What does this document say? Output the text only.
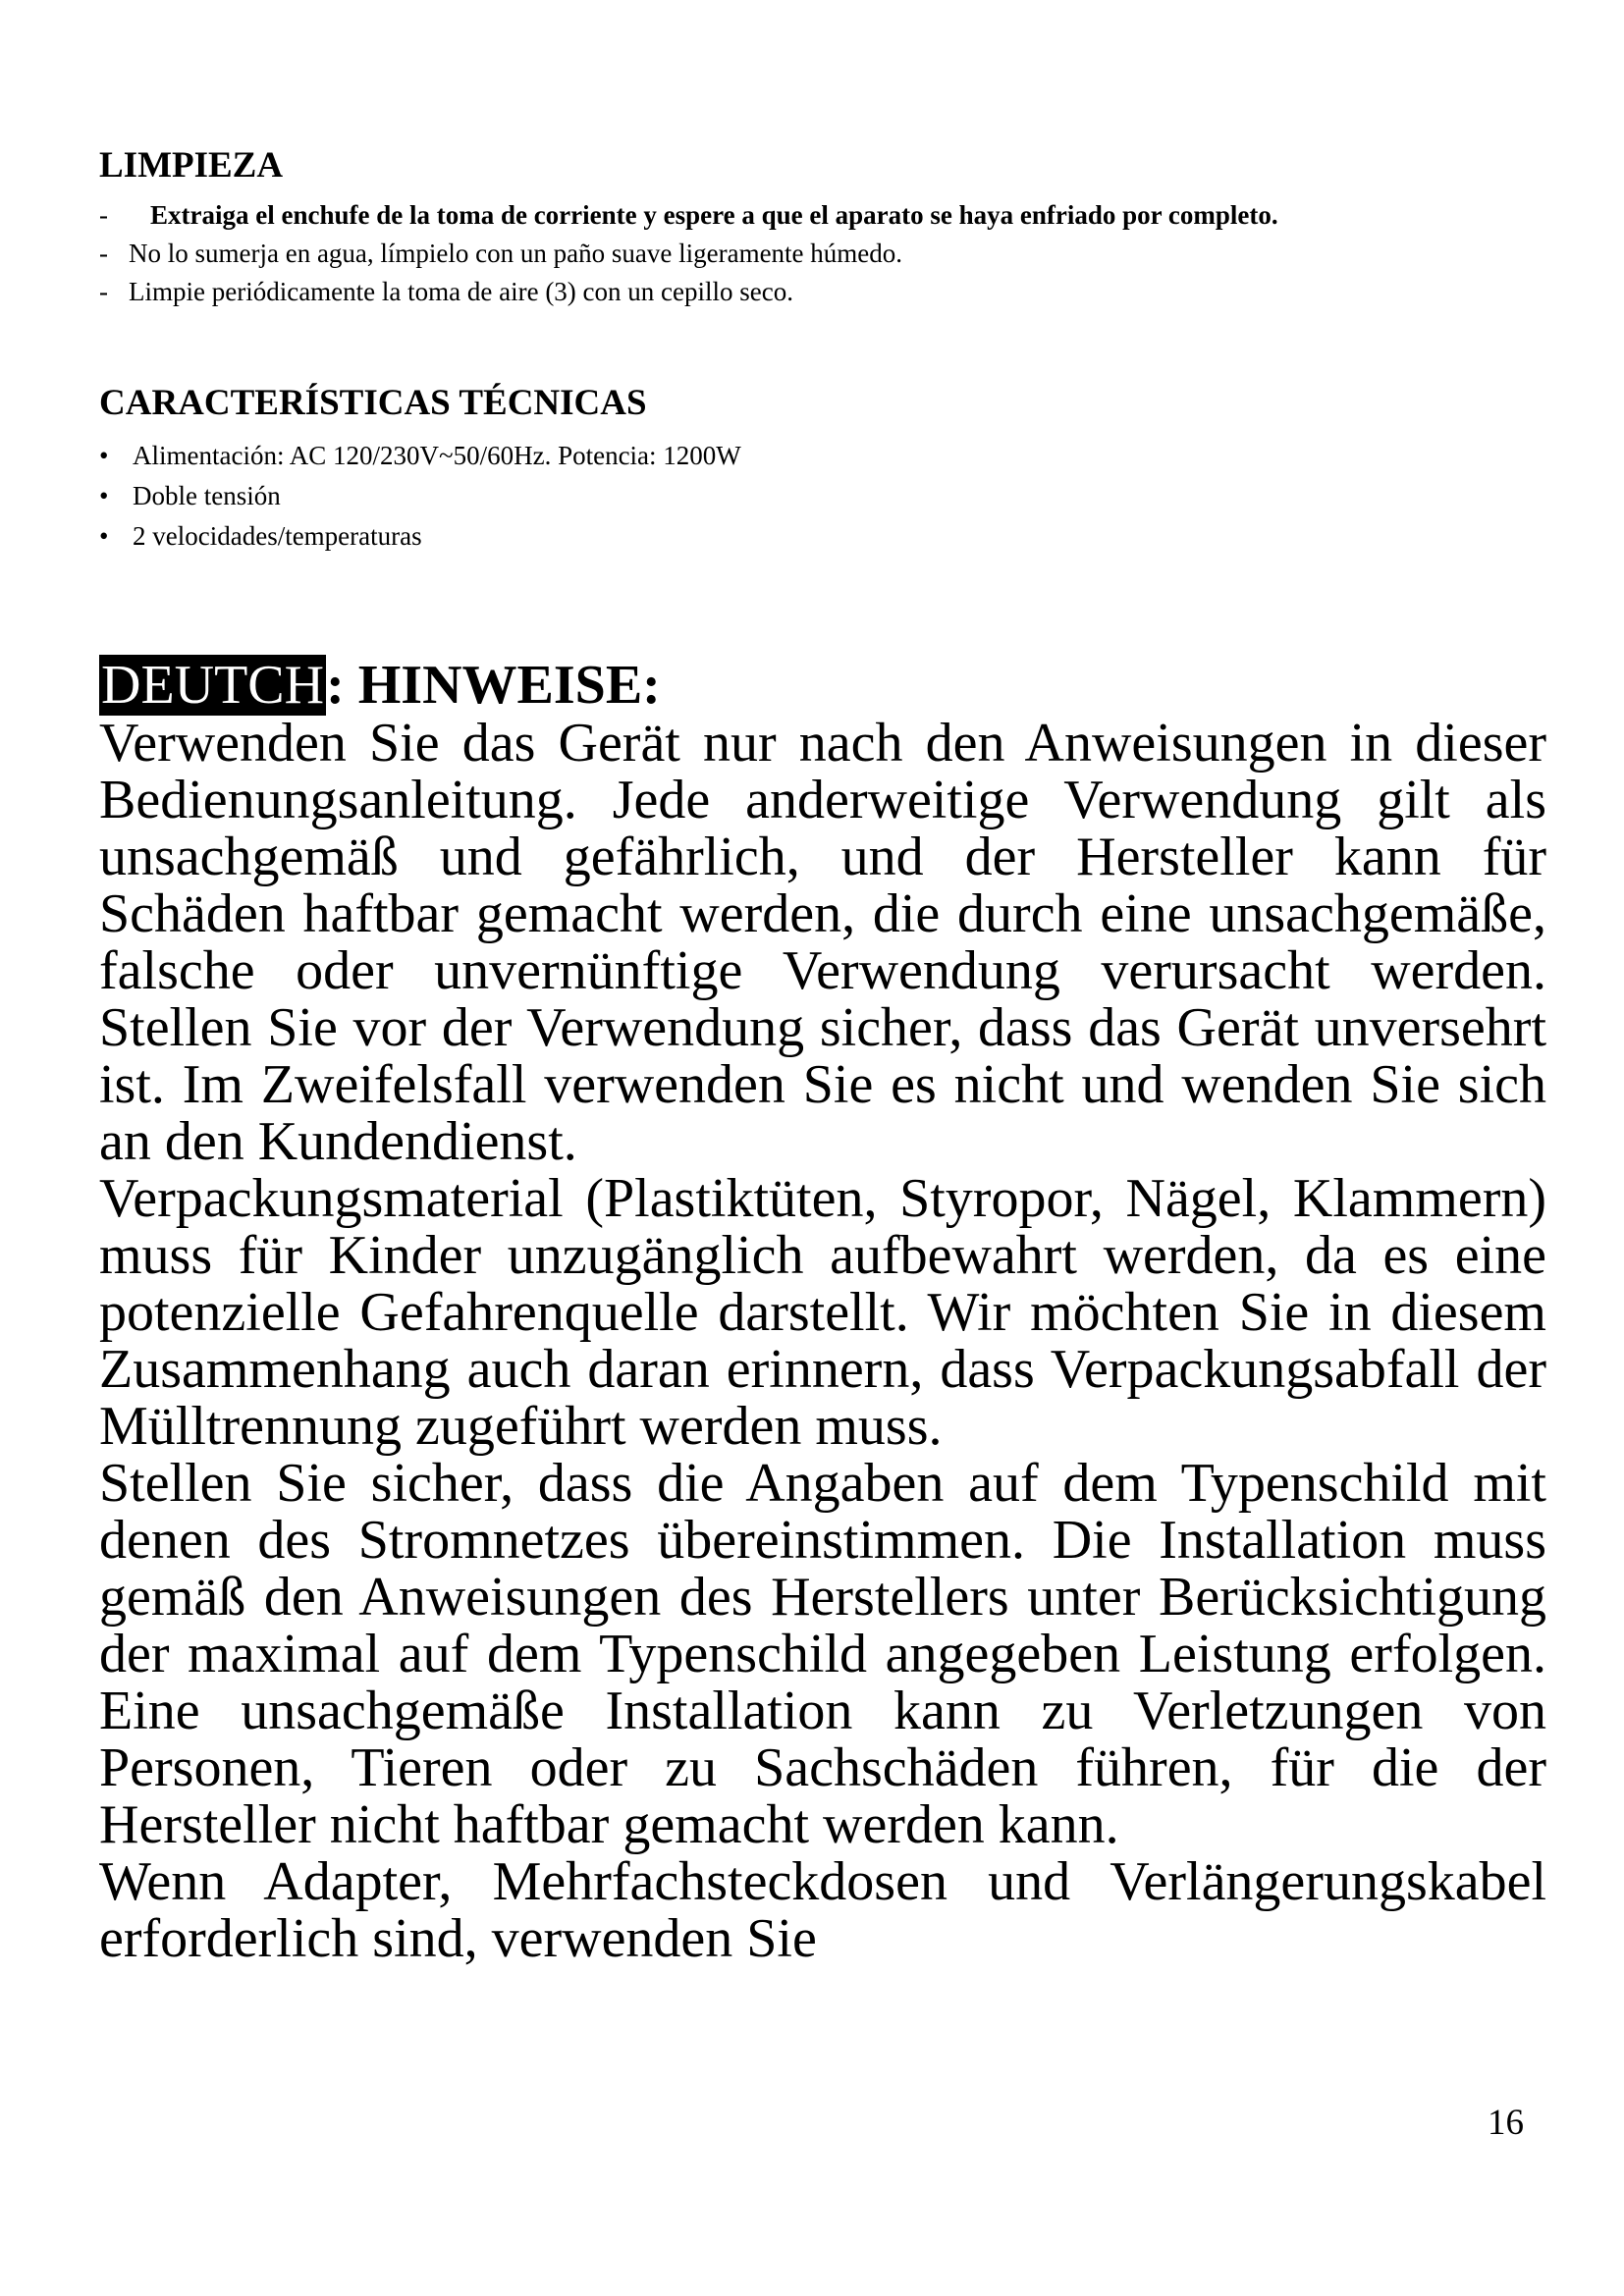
LIMPIEZA
- Extraiga el enchufe de la toma de corriente y espere a que el aparato se haya enfriado por completo.
- No lo sumerja en agua, límpielo con un paño suave ligeramente húmedo.
- Limpie periódicamente la toma de aire (3) con un cepillo seco.
CARACTERÍSTICAS TÉCNICAS
• Alimentación: AC 120/230V~50/60Hz. Potencia: 1200W
• Doble tensión
• 2 velocidades/temperaturas
DEUTCH: HINWEISE:

Verwenden Sie das Gerät nur nach den Anweisungen in dieser Bedienungsanleitung. Jede anderweitige Verwendung gilt als unsachgemäß und gefährlich, und der Hersteller kann für Schäden haftbar gemacht werden, die durch eine unsachgemäße, falsche oder unvernünftige Verwendung verursacht werden. Stellen Sie vor der Verwendung sicher, dass das Gerät unversehrt ist. Im Zweifelsfall verwenden Sie es nicht und wenden Sie sich an den Kundendienst.

Verpackungsmaterial (Plastiktüten, Styropor, Nägel, Klammern) muss für Kinder unzugänglich aufbewahrt werden, da es eine potenzielle Gefahrenquelle darstellt. Wir möchten Sie in diesem Zusammenhang auch daran erinnern, dass Verpackungsabfall der Mülltrennung zugeführt werden muss.

Stellen Sie sicher, dass die Angaben auf dem Typenschild mit denen des Stromnetzes übereinstimmen. Die Installation muss gemäß den Anweisungen des Herstellers unter Berücksichtigung der maximal auf dem Typenschild angegeben Leistung erfolgen. Eine unsachgemäße Installation kann zu Verletzungen von Personen, Tieren oder zu Sachschäden führen, für die der Hersteller nicht haftbar gemacht werden kann.

Wenn Adapter, Mehrfachsteckdosen und Verlängerungskabel erforderlich sind, verwenden Sie

16
